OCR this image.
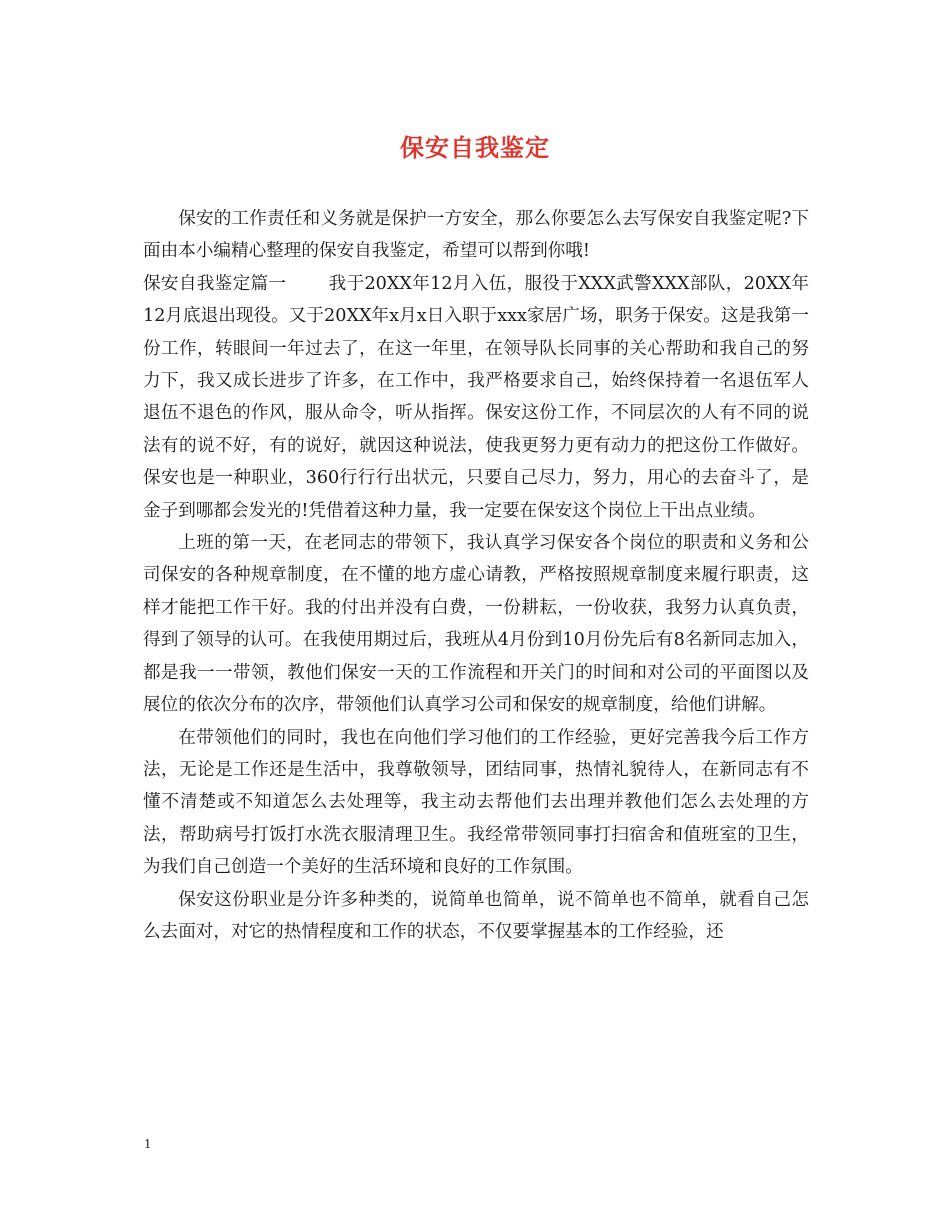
保安自我鉴定

保安的工作责任和义务就是保护一方安全，那么你要怎么去写保安自我鉴定呢?下面由本小编精心整理的保安自我鉴定，希望可以帮到你哦!

保安自我鉴定篇一 我于20XX年12月入伍，服役于XXX武警XXX部队，20XX年12月底退出现役。又于20XX年x月x日入职于xxx家居广场，职务于保安。这是我第一份工作，转眼间一年过去了，在这一年里，在领导队长同事的关心帮助和我自己的努力下，我又成长进步了许多，在工作中，我严格要求自己，始终保持着一名退伍军人退伍不退色的作风，服从命令，听从指挥。保安这份工作，不同层次的人有不同的说法有的说不好，有的说好，就因这种说法，使我更努力更有动力的把这份工作做好。保安也是一种职业，360行行行出状元，只要自己尽力，努力，用心的去奋斗了，是金子到哪都会发光的!凭借着这种力量，我一定要在保安这个岗位上干出点业绩。

上班的第一天，在老同志的带领下，我认真学习保安各个岗位的职责和义务和公司保安的各种规章制度，在不懂的地方虚心请教，严格按照规章制度来履行职责，这样才能把工作干好。我的付出并没有白费，一份耕耘，一份收获，我努力认真负责，得到了领导的认可。在我使用期过后，我班从4月份到10月份先后有8名新同志加入，都是我一一带领，教他们保安一天的工作流程和开关门的时间和对公司的平面图以及展位的依次分布的次序，带领他们认真学习公司和保安的规章制度，给他们讲解。

在带领他们的同时，我也在向他们学习他们的工作经验，更好完善我今后工作方法，无论是工作还是生活中，我尊敬领导，团结同事，热情礼貌待人，在新同志有不懂不清楚或不知道怎么去处理等，我主动去帮他们去出理并教他们怎么去处理的方法，帮助病号打饭打水洗衣服清理卫生。我经常带领同事打扫宿舍和值班室的卫生，为我们自己创造一个美好的生活环境和良好的工作氛围。

保安这份职业是分许多种类的，说简单也简单，说不简单也不简单，就看自己怎么去面对，对它的热情程度和工作的状态，不仅要掌握基本的工作经验，还

1
